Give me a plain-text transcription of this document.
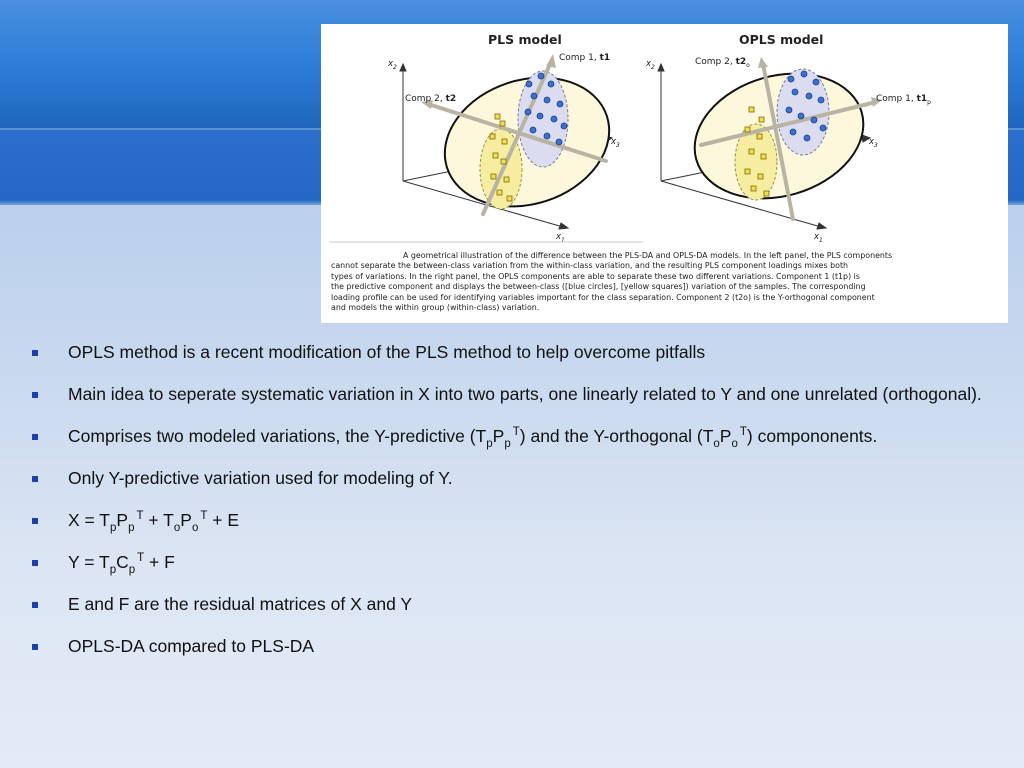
PLS model
$x_2$
$x_1$
$x_3$
Comp 1, t1
Comp 2, t2
OPLS model
$x_2$
$x_1$
$x_3$
Comp 1, $t1_p$
Comp 2, $t2_o$

A geometrical illustration of the difference between the PLS-DA and OPLS-DA models. In the left panel, the PLS components
cannot separate the between-class variation from the within-class variation, and the resulting PLS component loadings mixes both
types of variations. In the right panel, the OPLS components are able to separate these two different variations. Component 1 (t1p) is
the predictive component and displays the between-class ([blue circles], [yellow squares]) variation of the samples. The corresponding
loading profile can be used for identifying variables important for the class separation. Component 2 (t2o) is the Y-orthogonal component
and models the within group (within-class) variation.

OPLS method is a recent modification of the PLS method to help overcome pitfalls
Main idea to seperate systematic variation in X into two parts, one linearly related to Y and one unrelated (orthogonal).
Comprises two modeled variations, the Y-predictive $(T_pP_p^T)$ and the Y-orthogonal $(T_oP_o^T)$ compononents.
Only Y-predictive variation used for modeling of Y.
$X = T_pP_p^T + T_oP_o^T + E$
$Y = T_pC_p^T + F$
E and F are the residual matrices of X and Y
OPLS-DA compared to PLS-DA
